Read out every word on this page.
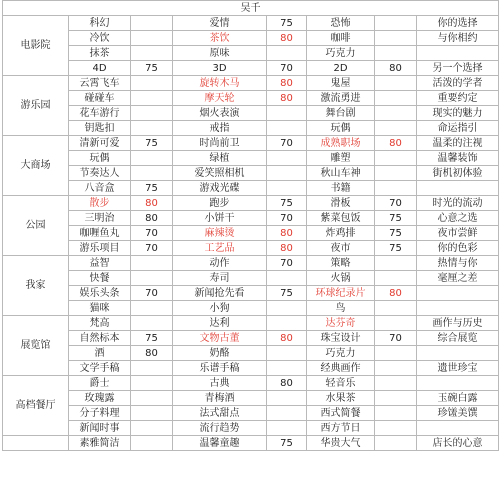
吴千							
电影院	科幻		爱情	75	恐怖		你的选择
	冷饮		茶饮	80	咖啡		与你相约
	抹茶		原味		巧克力		
	4D	75	3D	70	2D	80	另一个选择
游乐园	云霄飞车		旋转木马	80	鬼屋		活泼的学者
	碰碰车		摩天轮	80	激流勇进		重要约定
	花车游行		烟火表演		舞台剧		现实的魅力
	钥匙扣		戒指		玩偶		命运指引
大商场	清新可爱	75	时尚前卫	70	成熟职场	80	温柔的注视
	玩偶		绿植		雕塑		温馨装饰
	节奏达人		爱笑照相机		秋山车神		街机初体验
	八音盒	75	游戏光碟		书籍		
公园	散步	80	跑步	75	滑板	70	时光的流动
	三明治	80	小饼干	70	紫菜包饭	75	心意之选
	咖喱鱼丸	70	麻辣烫	80	炸鸡排	75	夜市尝鲜
	游乐项目	70	工艺品	80	夜市	75	你的色彩
我家	益智		动作	70	策略		热情与你
	快餐		寿司		火锅		毫厘之差
	娱乐头条	70	新闻抢先看	75	环球纪录片	80	
	猫咪		小狗		鸟		
展览馆	梵高		达利		达芬奇		画作与历史
	自然标本	75	文物古董	80	珠宝设计	70	综合展览
	酒	80	奶酪		巧克力		
	文学手稿		乐谱手稿		经典画作		遗世珍宝
高档餐厅	爵士		古典	80	轻音乐		
	玫瑰露		青梅酒		水果茶		玉碗白露
	分子料理		法式甜点		西式简餐		珍馐美馔
	新闻时事		流行趋势		西方节日		
	素雅简洁		温馨童趣	75	华贵大气		店长的心意
